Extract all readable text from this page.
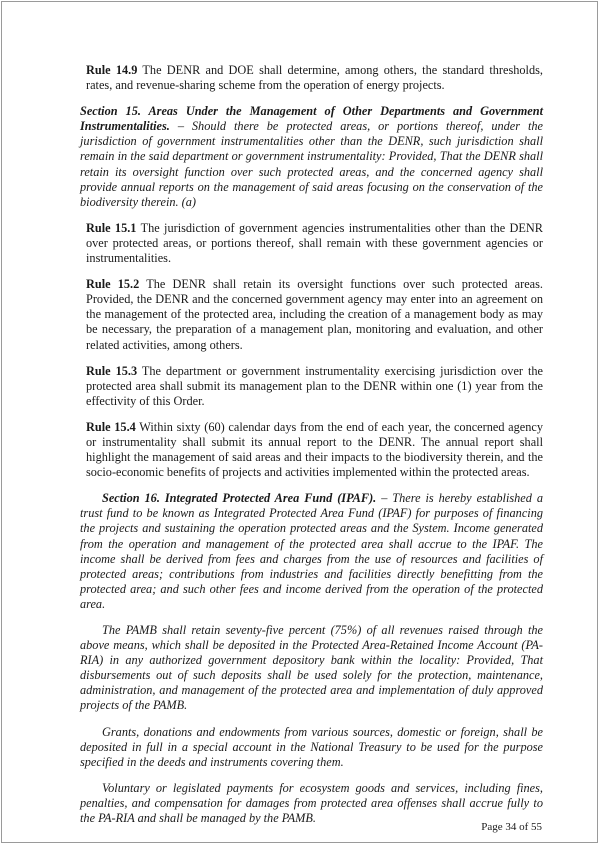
Rule 14.9 The DENR and DOE shall determine, among others, the standard thresholds, rates, and revenue-sharing scheme from the operation of energy projects.

Section 15. Areas Under the Management of Other Departments and Government Instrumentalities. – Should there be protected areas, or portions thereof, under the jurisdiction of government instrumentalities other than the DENR, such jurisdiction shall remain in the said department or government instrumentality: Provided, That the DENR shall retain its oversight function over such protected areas, and the concerned agency shall provide annual reports on the management of said areas focusing on the conservation of the biodiversity therein. (a)

Rule 15.1 The jurisdiction of government agencies instrumentalities other than the DENR over protected areas, or portions thereof, shall remain with these government agencies or instrumentalities.

Rule 15.2 The DENR shall retain its oversight functions over such protected areas. Provided, the DENR and the concerned government agency may enter into an agreement on the management of the protected area, including the creation of a management body as may be necessary, the preparation of a management plan, monitoring and evaluation, and other related activities, among others.

Rule 15.3 The department or government instrumentality exercising jurisdiction over the protected area shall submit its management plan to the DENR within one (1) year from the effectivity of this Order.

Rule 15.4 Within sixty (60) calendar days from the end of each year, the concerned agency or instrumentality shall submit its annual report to the DENR. The annual report shall highlight the management of said areas and their impacts to the biodiversity therein, and the socio-economic benefits of projects and activities implemented within the protected areas.

Section 16. Integrated Protected Area Fund (IPAF). – There is hereby established a trust fund to be known as Integrated Protected Area Fund (IPAF) for purposes of financing the projects and sustaining the operation protected areas and the System. Income generated from the operation and management of the protected area shall accrue to the IPAF. The income shall be derived from fees and charges from the use of resources and facilities of protected areas; contributions from industries and facilities directly benefitting from the protected area; and such other fees and income derived from the operation of the protected area.

The PAMB shall retain seventy-five percent (75%) of all revenues raised through the above means, which shall be deposited in the Protected Area-Retained Income Account (PA-RIA) in any authorized government depository bank within the locality: Provided, That disbursements out of such deposits shall be used solely for the protection, maintenance, administration, and management of the protected area and implementation of duly approved projects of the PAMB.

Grants, donations and endowments from various sources, domestic or foreign, shall be deposited in full in a special account in the National Treasury to be used for the purpose specified in the deeds and instruments covering them.

Voluntary or legislated payments for ecosystem goods and services, including fines, penalties, and compensation for damages from protected area offenses shall accrue fully to the PA-RIA and shall be managed by the PAMB.

Page 34 of 55
